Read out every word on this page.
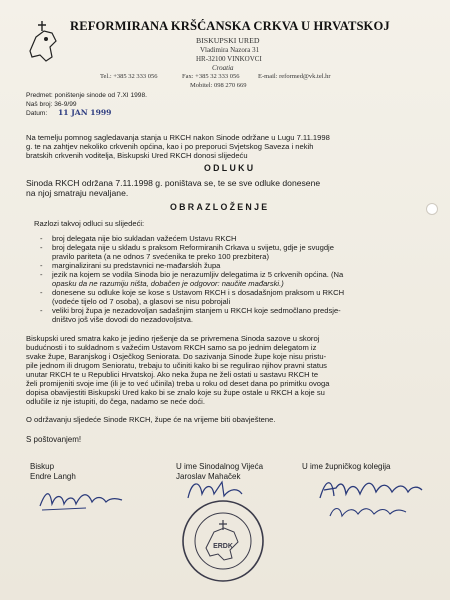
REFORMIRANA KRŠĆANSKA CRKVA U HRVATSKOJ
BISKUPSKI URED
Vladimira Nazora 31
HR-32100 VINKOVCI
Croatia
Tel.: +385 32 333 056	Fax: +385 32 333 056	E-mail: reformed@vk.tel.hr
Mobitel: 098 270 669
Predmet: poništenje sinode od 7.XI 1998.
Naš broj: 36-9/99
Datum: 11 JAN 1999
Na temelju pomnog sagledavanja stanja u RKCH nakon Sinode održane u Lugu 7.11.1998
g. te na zahtjev nekoliko crkvenih općina, kao i po preporuci Svjetskog Saveza i nekih
bratskih crkvenih voditelja, Biskupski Ured RKCH donosi slijedeću
ODLUKU
Sinoda RKCH održana 7.11.1998 g. poništava se, te se sve odluke donesene
na njoj smatraju nevaljane.
OBRAZLOŽENJE
Razlozi takvoj odluci su slijedeći:
- broj delegata nije bio sukladan važećem Ustavu RKCH
- broj delegata nije u skladu s praksom Reformiranih Crkava u svijetu, gdje je svugdje
pravilo pariteta (a ne odnos 7 svećenika te preko 100 prezbitera)
- marginalizirani su predstavnici ne-mađarskih župa
- jezik na kojem se vodila Sinoda bio je nerazumljiv delegatima iz 5 crkvenih općina. (Na
opasku da ne razumiju ništa, dobačen je odgovor: naučite mađarski.)
- donesene su odluke koje se kose s Ustavom RKCH i s dosadašnjom praksom u RKCH
(vodeće tijelo od 7 osoba), a glasovi se nisu pobrojali
- veliki broj župa je nezadovoljan sadašnjim stanjem u RKCH koje sedmočlano predsje-
dništvo još više dovodi do nezadovoljstva.
Biskupski ured smatra kako je jedino rješenje da se privremena Sinoda sazove u skoroj
budućnosti i to sukladnom s važećim Ustavom RKCH samo sa po jednim delegatom iz
svake župe, Baranjskog i Osječkog Seniorata. Do sazivanja Sinode župe koje nisu pristu-
pile jednom ili drugom Senioratu, trebaju to učiniti kako bi se regulirao njihov pravni status
unutar RKCH te u Republici Hrvatskoj. Ako neka župa ne želi ostati u sastavu RKCH te
želi promijeniti svoje ime (ili je to već učinila) treba u roku od deset dana po primitku ovoga
dopisa obavijestiti Biskupski Ured kako bi se znalo koje su župe ostale u RKCH a koje su
odlučile iz nje istupiti, do čega, nadamo se neće doći.
O održavanju sljedeće Sinode RKCH, župe će na vrijeme biti obavještene.
S poštovanjem!
Biskup
Endre Langh
U ime Sinodalnog Vijeća
Jaroslav Mahaček
U ime župničkog kolegija
ERDK
